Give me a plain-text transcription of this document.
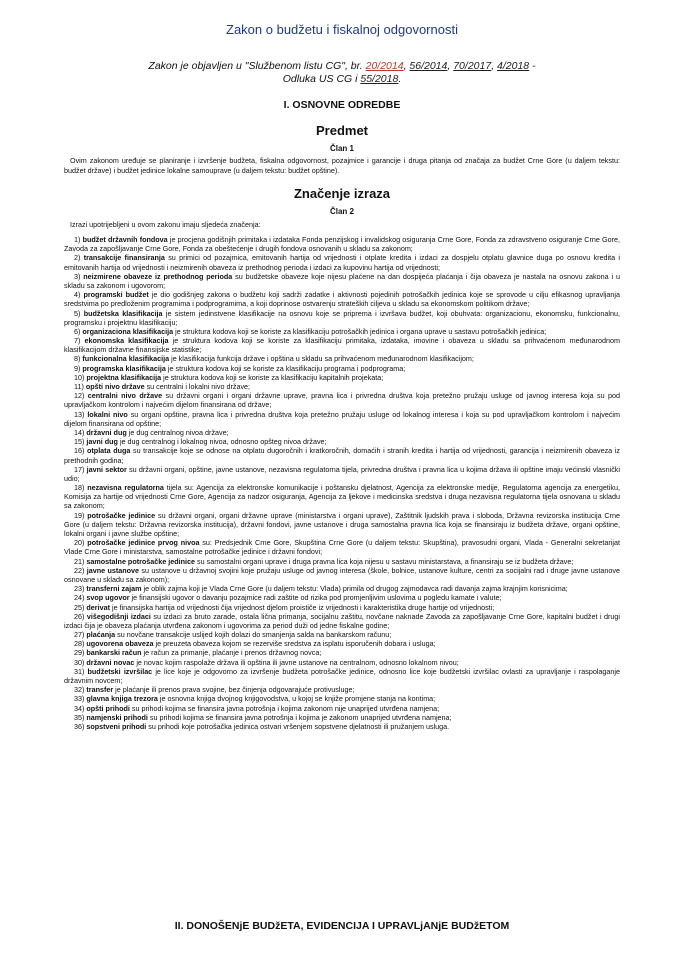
Zakon o budžetu i fiskalnoj odgovornosti
Zakon je objavljen u "Službenom listu CG", br. 20/2014, 56/2014, 70/2017, 4/2018 -
Odluka US CG i 55/2018.
I. OSNOVNE ODREDBE
Predmet
Član 1
Ovim zakonom uređuje se planiranje i izvršenje budžeta, fiskalna odgovornost, pozajmice i garancije i druga pitanja od značaja za budžet Crne Gore (u daljem tekstu: budžet države) i budžet jedinice lokalne samouprave (u daljem tekstu: budžet opštine).
Značenje izraza
Član 2
Izrazi upotrijebljeni u ovom zakonu imaju sljedeća značenja:

1) budžet državnih fondova je procjena godišnjih primitaka i izdataka Fonda penzijskog i invalidskog osiguranja Crne Gore, Fonda za zdravstveno osiguranje Crne Gore, Zavoda za zapošljavanje Crne Gore, Fonda za obeštećenje i drugih fondova osnovanih u skladu sa zakonom;

2) transakcije finansiranja su primici od pozajmica, emitovanih hartija od vrijednosti i otplate kredita i izdaci za dospjelu otplatu glavnice duga po osnovu kredita i emitovanih hartija od vrijednosti i neizmirenih obaveza iz prethodnog perioda i izdaci za kupovinu hartija od vrijednosti;

3) neizmirene obaveze iz prethodnog perioda su budžetske obaveze koje nijesu plaćene na dan dospijeća plaćanja i čija obaveza je nastala na osnovu zakona i u skladu sa zakonom i ugovorom;

4) programski budžet je dio godišnjeg zakona o budžetu koji sadrži zadatke i aktivnosti pojedinih potrošačkih jedinica koje se sprovode u cilju efikasnog upravljanja sredstvima po predloženim programima i podprogramima, a koji doprinose ostvarenju strateških ciljeva u skladu sa ekonomskom politikom države;

5) budžetska klasifikacija je sistem jedinstvene klasifikacije na osnovu koje se priprema i izvršava budžet, koji obuhvata: organizacionu, ekonomsku, funkcionalnu, programsku i projektnu klasifikaciju;

6) organizaciona klasifikacija je struktura kodova koji se koriste za klasifikaciju potrošačkih jedinica i organa uprave u sastavu potrošačkih jedinica;

7) ekonomska klasifikacija je struktura kodova koji se koriste za klasifikaciju primitaka, izdataka, imovine i obaveza u skladu sa prihvaćenom međunarodnom klasifikacijom državne finansijske statistike;

8) funkcionalna klasifikacija je klasifikacija funkcija države i opština u skladu sa prihvaćenom međunarodnom klasifikacijom;

9) programska klasifikacija je struktura kodova koji se koriste za klasifikaciju programa i podprograma;

10) projektna klasifikacija je struktura kodova koji se koriste za klasifikaciju kapitalnih projekata;

11) opšti nivo države su centralni i lokalni nivo države;

12) centralni nivo države su državni organi i organi državne uprave, pravna lica i privredna društva koja pretežno pružaju usluge od javnog interesa koja su pod upravljačkom kontrolom i najvećim dijelom finansirana od države;

13) lokalni nivo su organi opštine, pravna lica i privredna društva koja pretežno pružaju usluge od lokalnog interesa i koja su pod upravljačkom kontrolom i najvećim dijelom finansirana od opštine;

14) državni dug je dug centralnog nivoa države;

15) javni dug je dug centralnog i lokalnog nivoa, odnosno opšteg nivoa države;

16) otplata duga su transakcije koje se odnose na otplatu dugoročnih i kratkoročnih, domaćih i stranih kredita i hartija od vrijednosti, garancija i neizmirenih obaveza iz prethodnih godina;

17) javni sektor su državni organi, opštine, javne ustanove, nezavisna regulatorna tijela, privredna društva i pravna lica u kojima država ili opštine imaju većinski vlasnički udio;

18) nezavisna regulatorna tijela su: Agencija za elektronske komunikacije i poštansku djelatnost, Agencija za elektronske medije, Regulatorna agencija za energetiku, Komisija za hartije od vrijednosti Crne Gore, Agencija za nadzor osiguranja, Agencija za ljekove i medicinska sredstva i druga nezavisna regulatorna tijela osnovana u skladu sa zakonom;

19) potrošačke jedinice su državni organi, organi državne uprave (ministarstva i organi uprave), Zaštitnik ljudskih prava i sloboda, Državna revizorska institucija Crne Gore (u daljem tekstu: Državna revizorska institucija), državni fondovi, javne ustanove i druga samostalna pravna lica koja se finansiraju iz budžeta države, organi opštine, lokalni organi i javne službe opštine;

20) potrošačke jedinice prvog nivoa su: Predsjednik Crne Gore, Skupština Crne Gore (u daljem tekstu: Skupština), pravosudni organi, Vlada - Generalni sekretarijat Vlade Crne Gore i ministarstva, samostalne potrošačke jedinice i državni fondovi;

21) samostalne potrošačke jedinice su samostalni organi uprave i druga pravna lica koja nijesu u sastavu ministarstava, a finansiraju se iz budžeta države;

22) javne ustanove su ustanove u državnoj svojini koje pružaju usluge od javnog interesa (škole, bolnice, ustanove kulture, centri za socijalni rad i druge javne ustanove osnovane u skladu sa zakonom);

23) transferni zajam je oblik zajma koji je Vlada Crne Gore (u daljem tekstu: Vlada) primila od drugog zajmodavca radi davanja zajma krajnjim korisnicima;

24) svop ugovor je finansijski ugovor o davanju pozajmice radi zaštite od rizika pod promjenljivim uslovima u pogledu kamate i valute;

25) derivat je finansijska hartija od vrijednosti čija vrijednost djelom proističe iz vrijednosti i karakteristika druge hartije od vrijednosti;

26) višegodišnji izdaci su izdaci za bruto zarade, ostala lična primanja, socijalnu zaštitu, novčane naknade Zavoda za zapošljavanje Crne Gore, kapitalni budžet i drugi izdaci čija je obaveza plaćanja utvrđena zakonom i ugovorima za period duži od jedne fiskalne godine;

27) plaćanja su novčane transakcije uslijed kojih dolazi do smanjenja salda na bankarskom računu;

28) ugovorena obaveza je preuzeta obaveza kojom se rezerviše sredstva za isplatu isporučenih dobara i usluga;

29) bankarski račun je račun za primanje, plaćanje i prenos državnog novca;

30) državni novac je novac kojim raspolaže država ili opština ili javne ustanove na centralnom, odnosno lokalnom nivou;

31) budžetski izvršilac je lice koje je odgovorno za izvršenje budžeta potrošačke jedinice, odnosno lice koje budžetski izvršilac ovlasti za upravljanje i raspolaganje državnim novcem;

32) transfer je plaćanje ili prenos prava svojine, bez činjenja odgovarajuće protivusluge;

33) glavna knjiga trezora je osnovna knjiga dvojnog knjigovodstva, u kojoj se knjiže promjene stanja na kontima;

34) opšti prihodi su prihodi kojima se finansira javna potrošnja i kojima zakonom nije unaprijed utvrđena namjena;

35) namjenski prihodi su prihodi kojima se finansira javna potrošnja i kojima je zakonom unaprijed utvrđena namjena;

36) sopstveni prihodi su prihodi koje potrošačka jedinica ostvari vršenjem sopstvene djelatnosti ili pružanjem usluga.

II. DONOŠENjE BUDžETA, EVIDENCIJA I UPRAVLjANjE BUDžETOM
